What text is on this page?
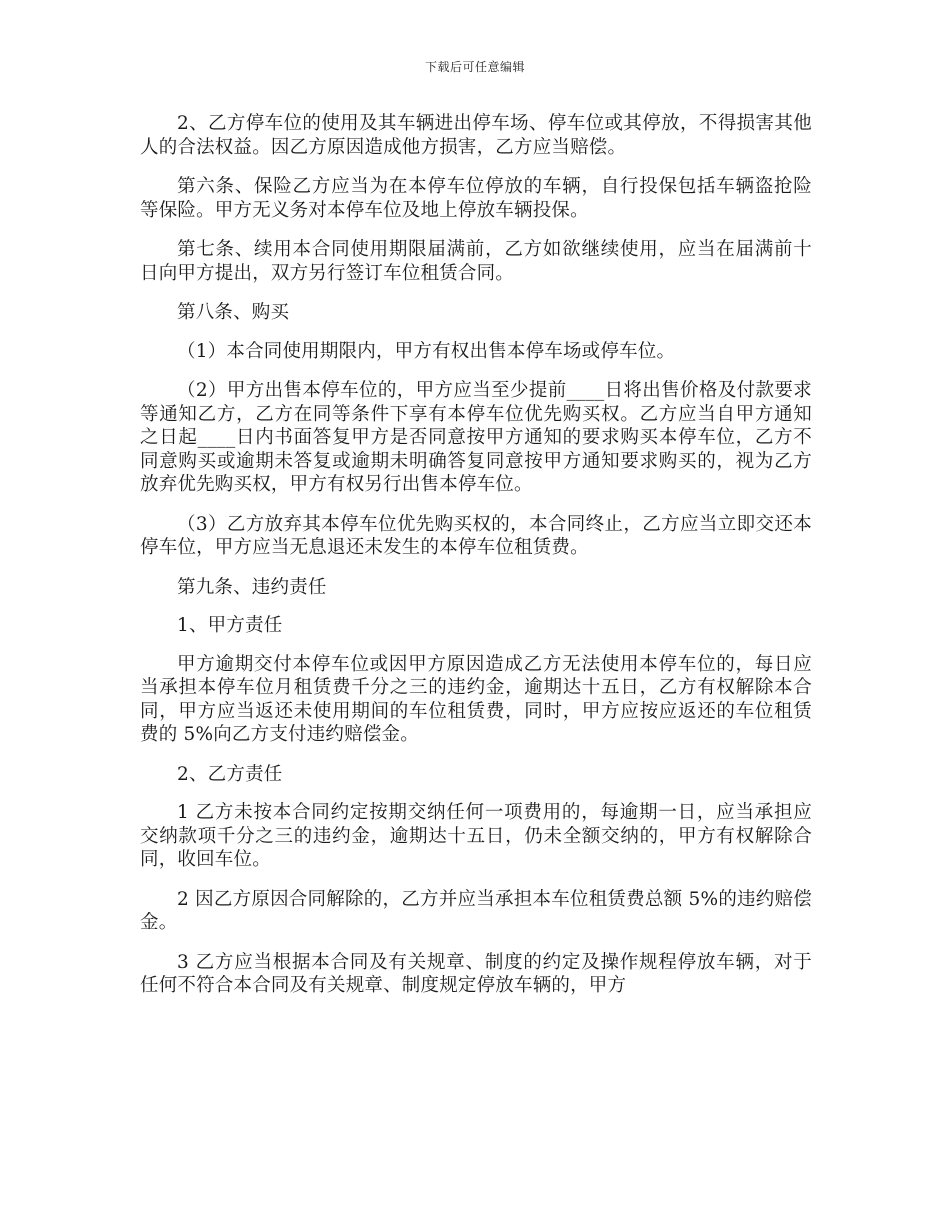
下载后可任意编辑

2、乙方停车位的使用及其车辆进出停车场、停车位或其停放，不得损害其他人的合法权益。因乙方原因造成他方损害，乙方应当赔偿。

第六条、保险乙方应当为在本停车位停放的车辆，自行投保包括车辆盗抢险等保险。甲方无义务对本停车位及地上停放车辆投保。

第七条、续用本合同使用期限届满前，乙方如欲继续使用，应当在届满前十日向甲方提出，双方另行签订车位租赁合同。

第八条、购买

（1）本合同使用期限内，甲方有权出售本停车场或停车位。

（2）甲方出售本停车位的，甲方应当至少提前____日将出售价格及付款要求等通知乙方，乙方在同等条件下享有本停车位优先购买权。乙方应当自甲方通知之日起____日内书面答复甲方是否同意按甲方通知的要求购买本停车位，乙方不同意购买或逾期未答复或逾期未明确答复同意按甲方通知要求购买的，视为乙方放弃优先购买权，甲方有权另行出售本停车位。

（3）乙方放弃其本停车位优先购买权的，本合同终止，乙方应当立即交还本停车位，甲方应当无息退还未发生的本停车位租赁费。

第九条、违约责任

1、甲方责任

甲方逾期交付本停车位或因甲方原因造成乙方无法使用本停车位的，每日应当承担本停车位月租赁费千分之三的违约金，逾期达十五日，乙方有权解除本合同，甲方应当返还未使用期间的车位租赁费，同时，甲方应按应返还的车位租赁费的 5%向乙方支付违约赔偿金。

2、乙方责任

1 乙方未按本合同约定按期交纳任何一项费用的，每逾期一日，应当承担应交纳款项千分之三的违约金，逾期达十五日，仍未全额交纳的，甲方有权解除合同，收回车位。

2 因乙方原因合同解除的，乙方并应当承担本车位租赁费总额 5%的违约赔偿金。

3 乙方应当根据本合同及有关规章、制度的约定及操作规程停放车辆，对于任何不符合本合同及有关规章、制度规定停放车辆的，甲方
